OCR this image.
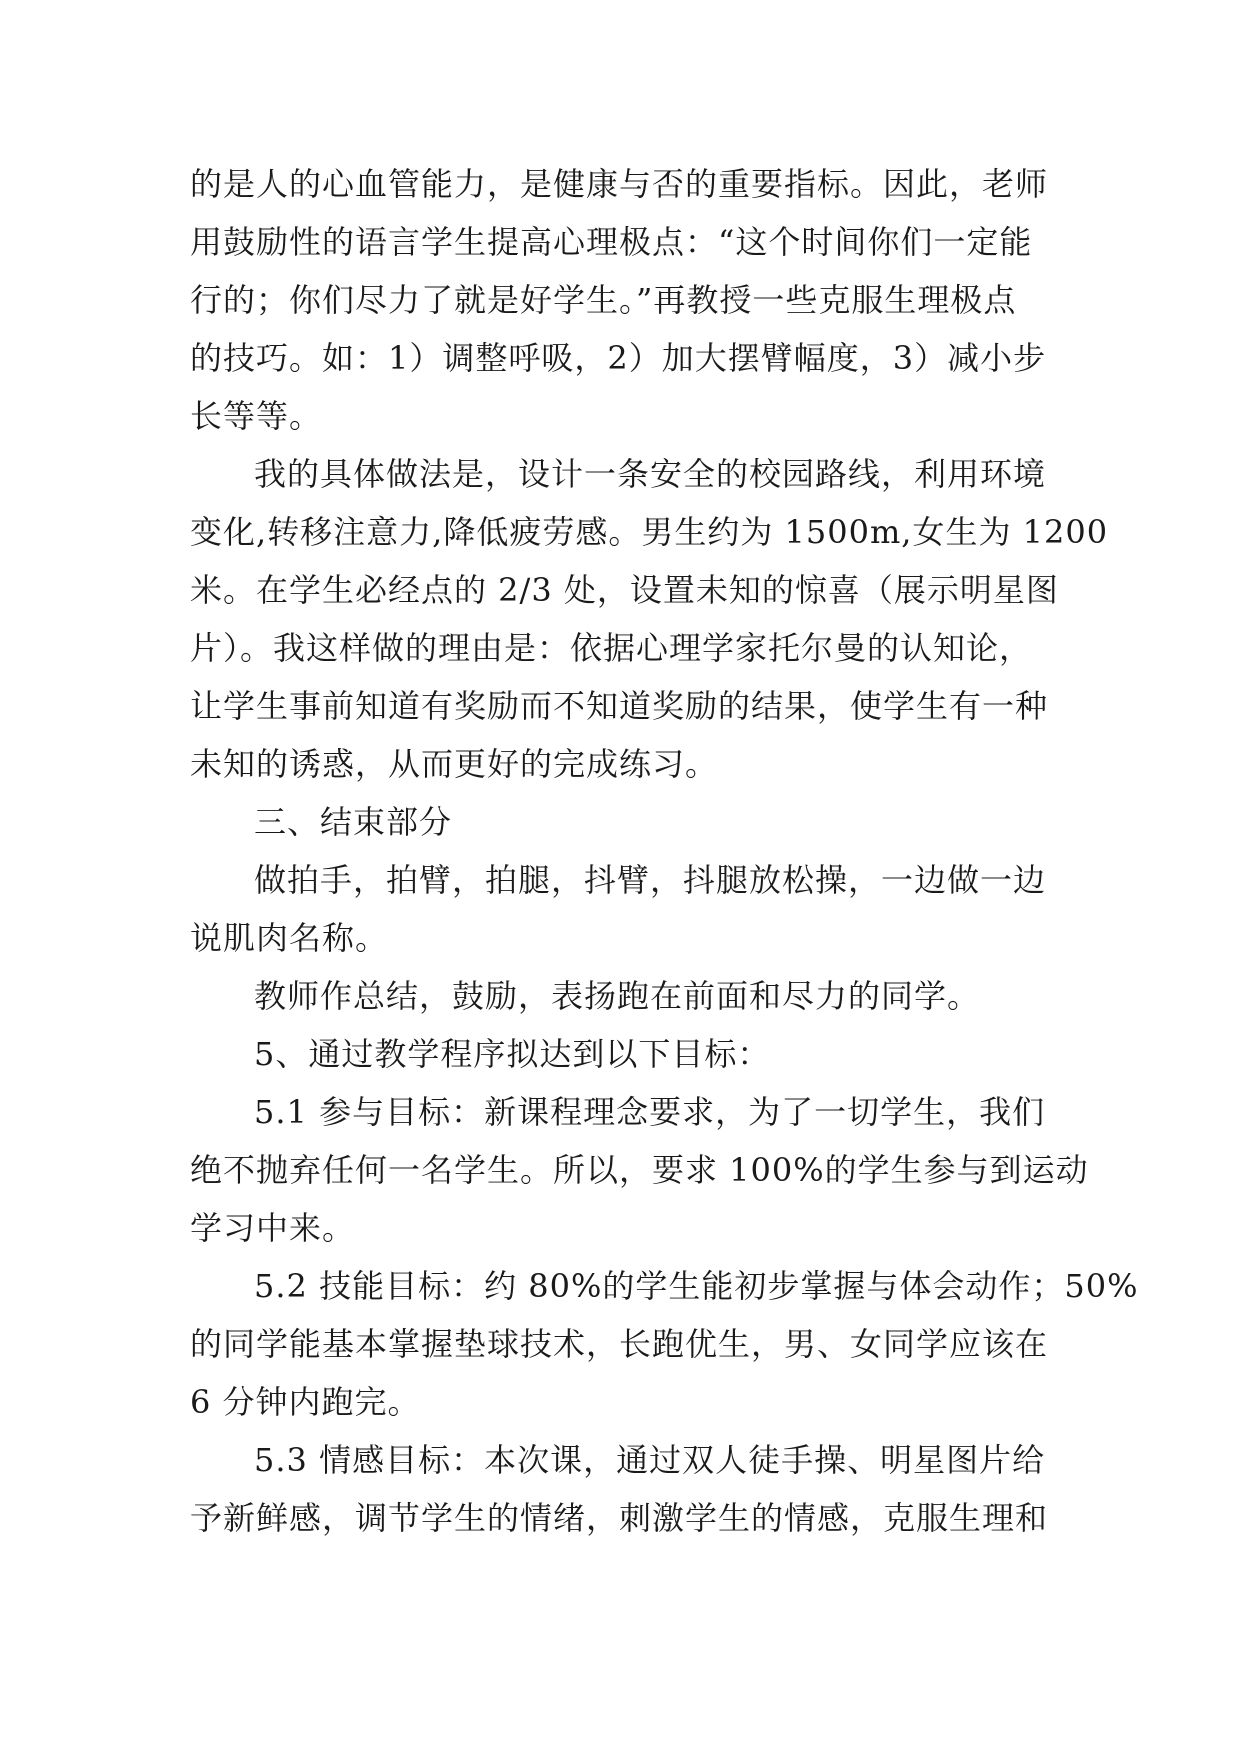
的是人的心血管能力，是健康与否的重要指标。因此，老师
用鼓励性的语言学生提高心理极点：“这个时间你们一定能
行的；你们尽力了就是好学生。”再教授一些克服生理极点
的技巧。如：1）调整呼吸，2）加大摆臂幅度，3）减小步
长等等。
我的具体做法是，设计一条安全的校园路线，利用环境
变化,转移注意力,降低疲劳感。男生约为 1500m,女生为 1200
米。在学生必经点的 2/3 处，设置未知的惊喜（展示明星图
片）。我这样做的理由是：依据心理学家托尔曼的认知论，
让学生事前知道有奖励而不知道奖励的结果，使学生有一种
未知的诱惑，从而更好的完成练习。
三、结束部分
做拍手，拍臂，拍腿，抖臂，抖腿放松操，一边做一边
说肌肉名称。
教师作总结，鼓励，表扬跑在前面和尽力的同学。
5、通过教学程序拟达到以下目标：
5.1 参与目标：新课程理念要求，为了一切学生，我们
绝不抛弃任何一名学生。所以，要求 100%的学生参与到运动
学习中来。
5.2 技能目标：约 80%的学生能初步掌握与体会动作；50%
的同学能基本掌握垫球技术，长跑优生，男、女同学应该在
6 分钟内跑完。
5.3 情感目标：本次课，通过双人徒手操、明星图片给
予新鲜感，调节学生的情绪，刺激学生的情感，克服生理和
